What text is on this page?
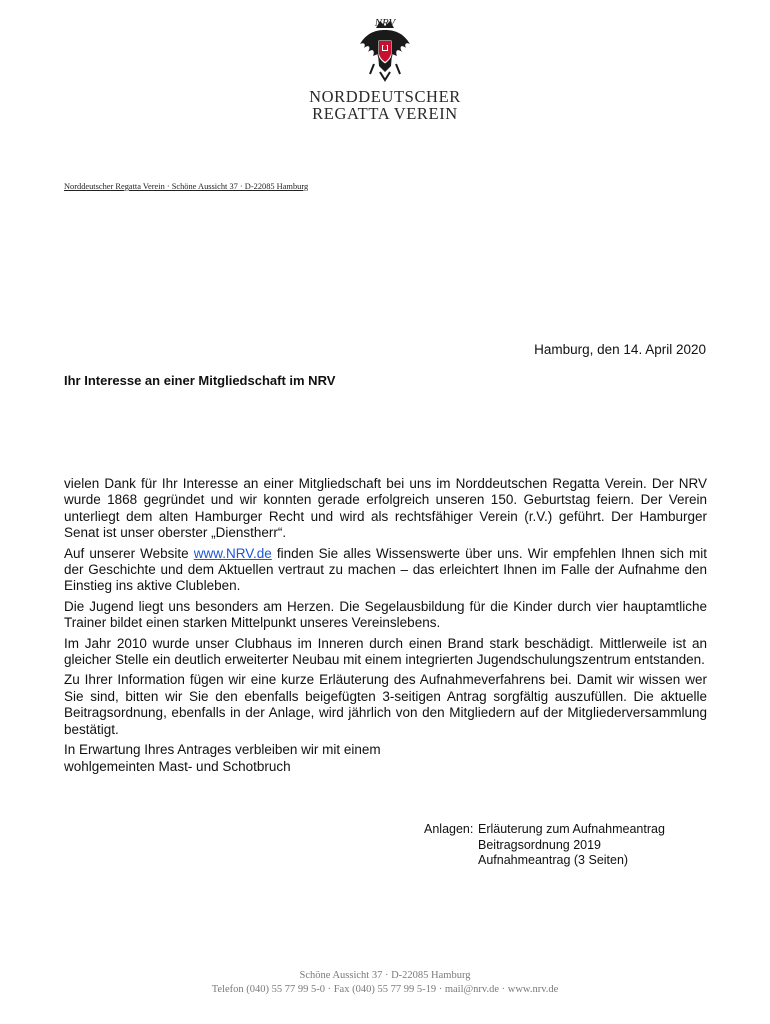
NRV
NORDDEUTSCHER
REGATTA VEREIN
Norddeutscher Regatta Verein · Schöne Aussicht 37 · D-22085 Hamburg
Hamburg, den 14. April 2020
Ihr Interesse an einer Mitgliedschaft im NRV

vielen Dank für Ihr Interesse an einer Mitgliedschaft bei uns im Norddeutschen Regatta Verein. Der NRV wurde 1868 gegründet und wir konnten gerade erfolgreich unseren 150. Geburtstag feiern. Der Verein unterliegt dem alten Hamburger Recht und wird als rechtsfähiger Verein (r.V.) geführt. Der Hamburger Senat ist unser oberster „Dienstherr“.

Auf unserer Website www.NRV.de finden Sie alles Wissenswerte über uns. Wir empfehlen Ihnen sich mit der Geschichte und dem Aktuellen vertraut zu machen – das erleichtert Ihnen im Falle der Aufnahme den Einstieg ins aktive Clubleben.

Die Jugend liegt uns besonders am Herzen. Die Segelausbildung für die Kinder durch vier hauptamtliche Trainer bildet einen starken Mittelpunkt unseres Vereinslebens.

Im Jahr 2010 wurde unser Clubhaus im Inneren durch einen Brand stark beschädigt. Mittlerweile ist an gleicher Stelle ein deutlich erweiterter Neubau mit einem integrierten Jugendschulungszentrum entstanden.

Zu Ihrer Information fügen wir eine kurze Erläuterung des Aufnahmeverfahrens bei. Damit wir wissen wer Sie sind, bitten wir Sie den ebenfalls beigefügten 3-seitigen Antrag sorgfältig auszufüllen. Die aktuelle Beitragsordnung, ebenfalls in der Anlage, wird jährlich von den Mitgliedern auf der Mitgliederversammlung bestätigt.

In Erwartung Ihres Antrages verbleiben wir mit einem
wohlgemeinten Mast- und Schotbruch

Anlagen: Erläuterung zum Aufnahmeantrag
Beitragsordnung 2019
Aufnahmeantrag (3 Seiten)
Schöne Aussicht 37 · D-22085 Hamburg
Telefon (040) 55 77 99 5-0 · Fax (040) 55 77 99 5-19 · mail@nrv.de · www.nrv.de
